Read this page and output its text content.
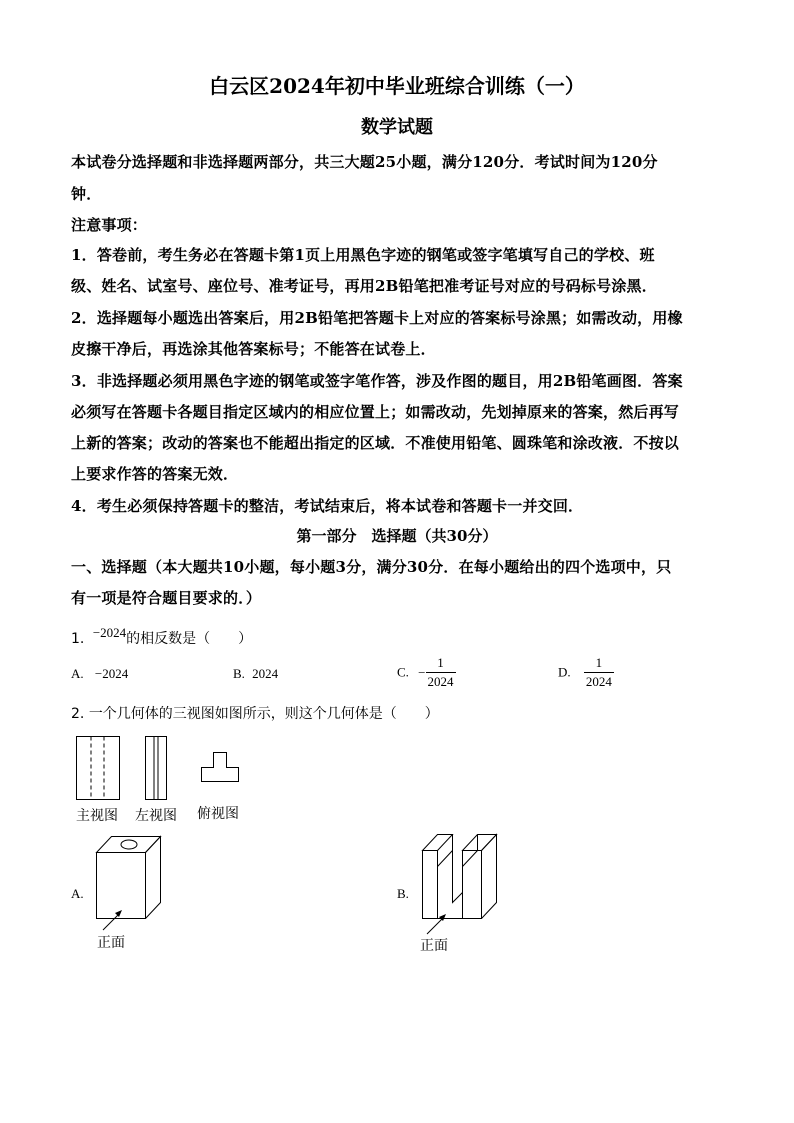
白云区2024年初中毕业班综合训练（一）
数学试题
本试卷分选择题和非选择题两部分，共三大题25小题，满分120分．考试时间为120分
钟．
注意事项：
1．答卷前，考生务必在答题卡第1页上用黑色字迹的钢笔或签字笔填写自己的学校、班
级、姓名、试室号、座位号、准考证号，再用2B铅笔把准考证号对应的号码标号涂黑．
2．选择题每小题选出答案后，用2B铅笔把答题卡上对应的答案标号涂黑；如需改动，用橡
皮擦干净后，再选涂其他答案标号；不能答在试卷上．
3．非选择题必须用黑色字迹的钢笔或签字笔作答，涉及作图的题目，用2B铅笔画图．答案
必须写在答题卡各题目指定区域内的相应位置上；如需改动，先划掉原来的答案，然后再写
上新的答案；改动的答案也不能超出指定的区域．不准使用铅笔、圆珠笔和涂改液．不按以
上要求作答的答案无效．
4．考生必须保持答题卡的整洁，考试结束后，将本试卷和答题卡一并交回．
第一部分　选择题（共30分）
一、选择题（本大题共10小题，每小题3分，满分30分．在每小题给出的四个选项中，只
有一项是符合题目要求的．）
1. −2024的相反数是（　　）
A. −2024	B. 2024	C. − $\frac{1}{2024}$	D. $\frac{1}{2024}$
2. 一个几何体的三视图如图所示，则这个几何体是（　　）
主视图 左视图 俯视图
A.
正面
B.
正面
